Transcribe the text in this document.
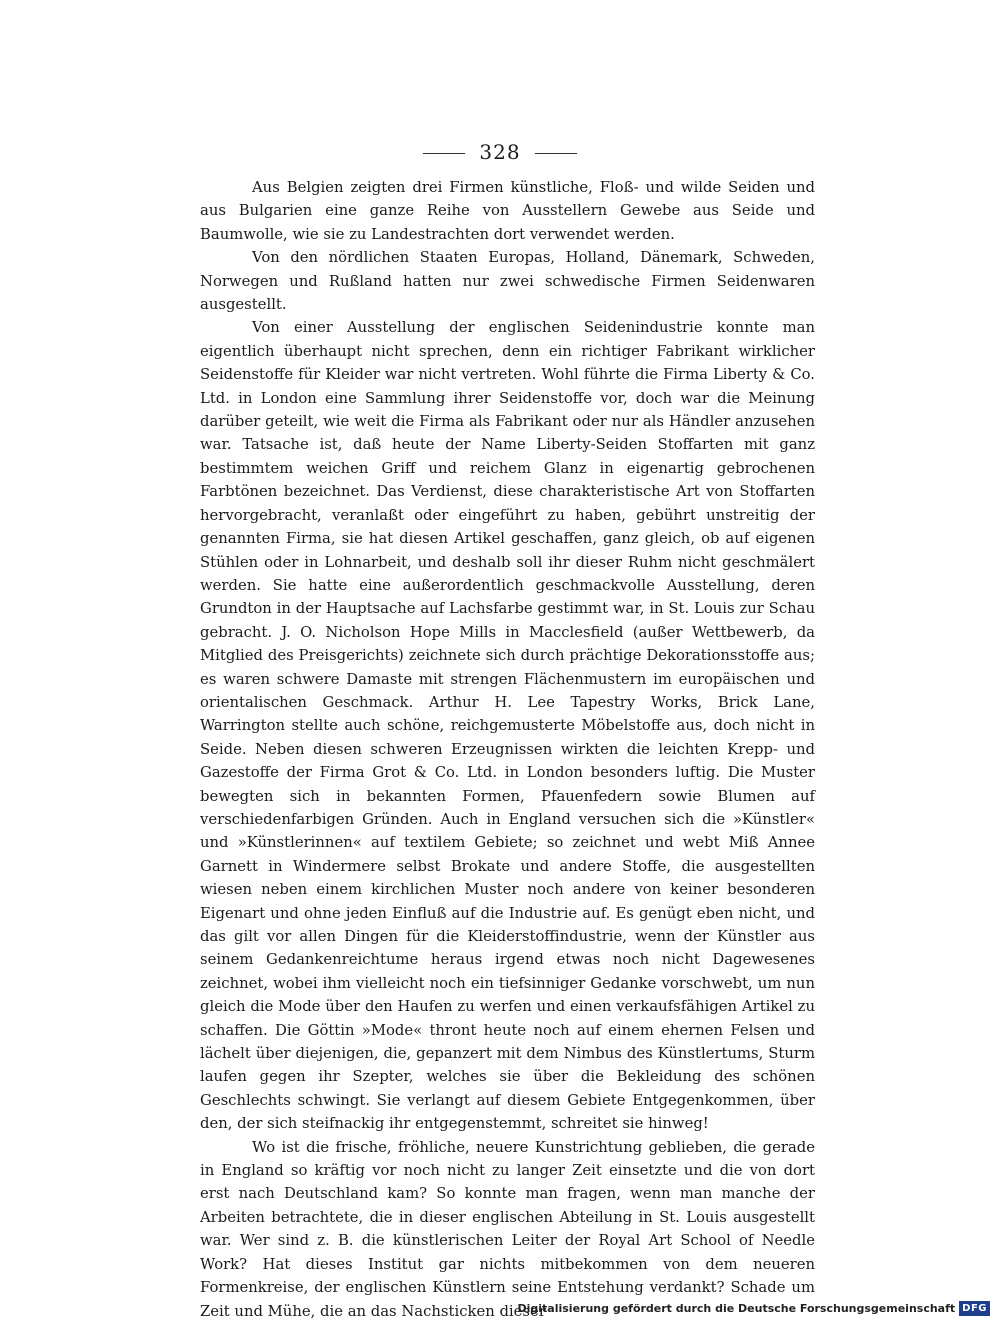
328

Aus Belgien zeigten drei Firmen künstliche, Floß- und wilde Seiden und aus Bulgarien eine ganze Reihe von Ausstellern Gewebe aus Seide und Baumwolle, wie sie zu Landestrachten dort verwendet werden.

Von den nördlichen Staaten Europas, Holland, Dänemark, Schweden, Norwegen und Rußland hatten nur zwei schwedische Firmen Seidenwaren ausgestellt.

Von einer Ausstellung der englischen Seidenindustrie konnte man eigentlich überhaupt nicht sprechen, denn ein richtiger Fabrikant wirklicher Seidenstoffe für Kleider war nicht vertreten. Wohl führte die Firma Liberty & Co. Ltd. in London eine Sammlung ihrer Seidenstoffe vor, doch war die Meinung darüber geteilt, wie weit die Firma als Fabrikant oder nur als Händler anzusehen war. Tatsache ist, daß heute der Name Liberty-Seiden Stoffarten mit ganz bestimmtem weichen Griff und reichem Glanz in eigenartig gebrochenen Farbtönen bezeichnet. Das Verdienst, diese charakteristische Art von Stoffarten hervorgebracht, veranlaßt oder eingeführt zu haben, gebührt unstreitig der genannten Firma, sie hat diesen Artikel geschaffen, ganz gleich, ob auf eigenen Stühlen oder in Lohnarbeit, und deshalb soll ihr dieser Ruhm nicht geschmälert werden. Sie hatte eine außerordentlich geschmackvolle Ausstellung, deren Grundton in der Hauptsache auf Lachsfarbe gestimmt war, in St. Louis zur Schau gebracht. J. O. Nicholson Hope Mills in Macclesfield (außer Wettbewerb, da Mitglied des Preisgerichts) zeichnete sich durch prächtige Dekorationsstoffe aus; es waren schwere Damaste mit strengen Flächenmustern im europäischen und orientalischen Geschmack. Arthur H. Lee Tapestry Works, Brick Lane, Warrington stellte auch schöne, reichgemusterte Möbelstoffe aus, doch nicht in Seide. Neben diesen schweren Erzeugnissen wirkten die leichten Krepp- und Gazestoffe der Firma Grot & Co. Ltd. in London besonders luftig. Die Muster bewegten sich in bekannten Formen, Pfauenfedern sowie Blumen auf verschiedenfarbigen Gründen. Auch in England versuchen sich die »Künstler« und »Künstlerinnen« auf textilem Gebiete; so zeichnet und webt Miß Annee Garnett in Windermere selbst Brokate und andere Stoffe, die ausgestellten wiesen neben einem kirchlichen Muster noch andere von keiner besonderen Eigenart und ohne jeden Einfluß auf die Industrie auf. Es genügt eben nicht, und das gilt vor allen Dingen für die Kleiderstoffindustrie, wenn der Künstler aus seinem Gedankenreichtume heraus irgend etwas noch nicht Dagewesenes zeichnet, wobei ihm vielleicht noch ein tiefsinniger Gedanke vorschwebt, um nun gleich die Mode über den Haufen zu werfen und einen verkaufsfähigen Artikel zu schaffen. Die Göttin »Mode« thront heute noch auf einem ehernen Felsen und lächelt über diejenigen, die, gepanzert mit dem Nimbus des Künstlertums, Sturm laufen gegen ihr Szepter, welches sie über die Bekleidung des schönen Geschlechts schwingt. Sie verlangt auf diesem Gebiete Entgegenkommen, über den, der sich steifnackig ihr entgegenstemmt, schreitet sie hinweg!

Wo ist die frische, fröhliche, neuere Kunstrichtung geblieben, die gerade in England so kräftig vor noch nicht zu langer Zeit einsetzte und die von dort erst nach Deutschland kam? So konnte man fragen, wenn man manche der Arbeiten betrachtete, die in dieser englischen Abteilung in St. Louis ausgestellt war. Wer sind z. B. die künstlerischen Leiter der Royal Art School of Needle Work? Hat dieses Institut gar nichts mitbekommen von dem neueren Formenkreise, der englischen Künstlern seine Entstehung verdankt? Schade um Zeit und Mühe, die an das Nachsticken dieser

Digitalisierung gefördert durch die Deutsche Forschungsgemeinschaft DFG
